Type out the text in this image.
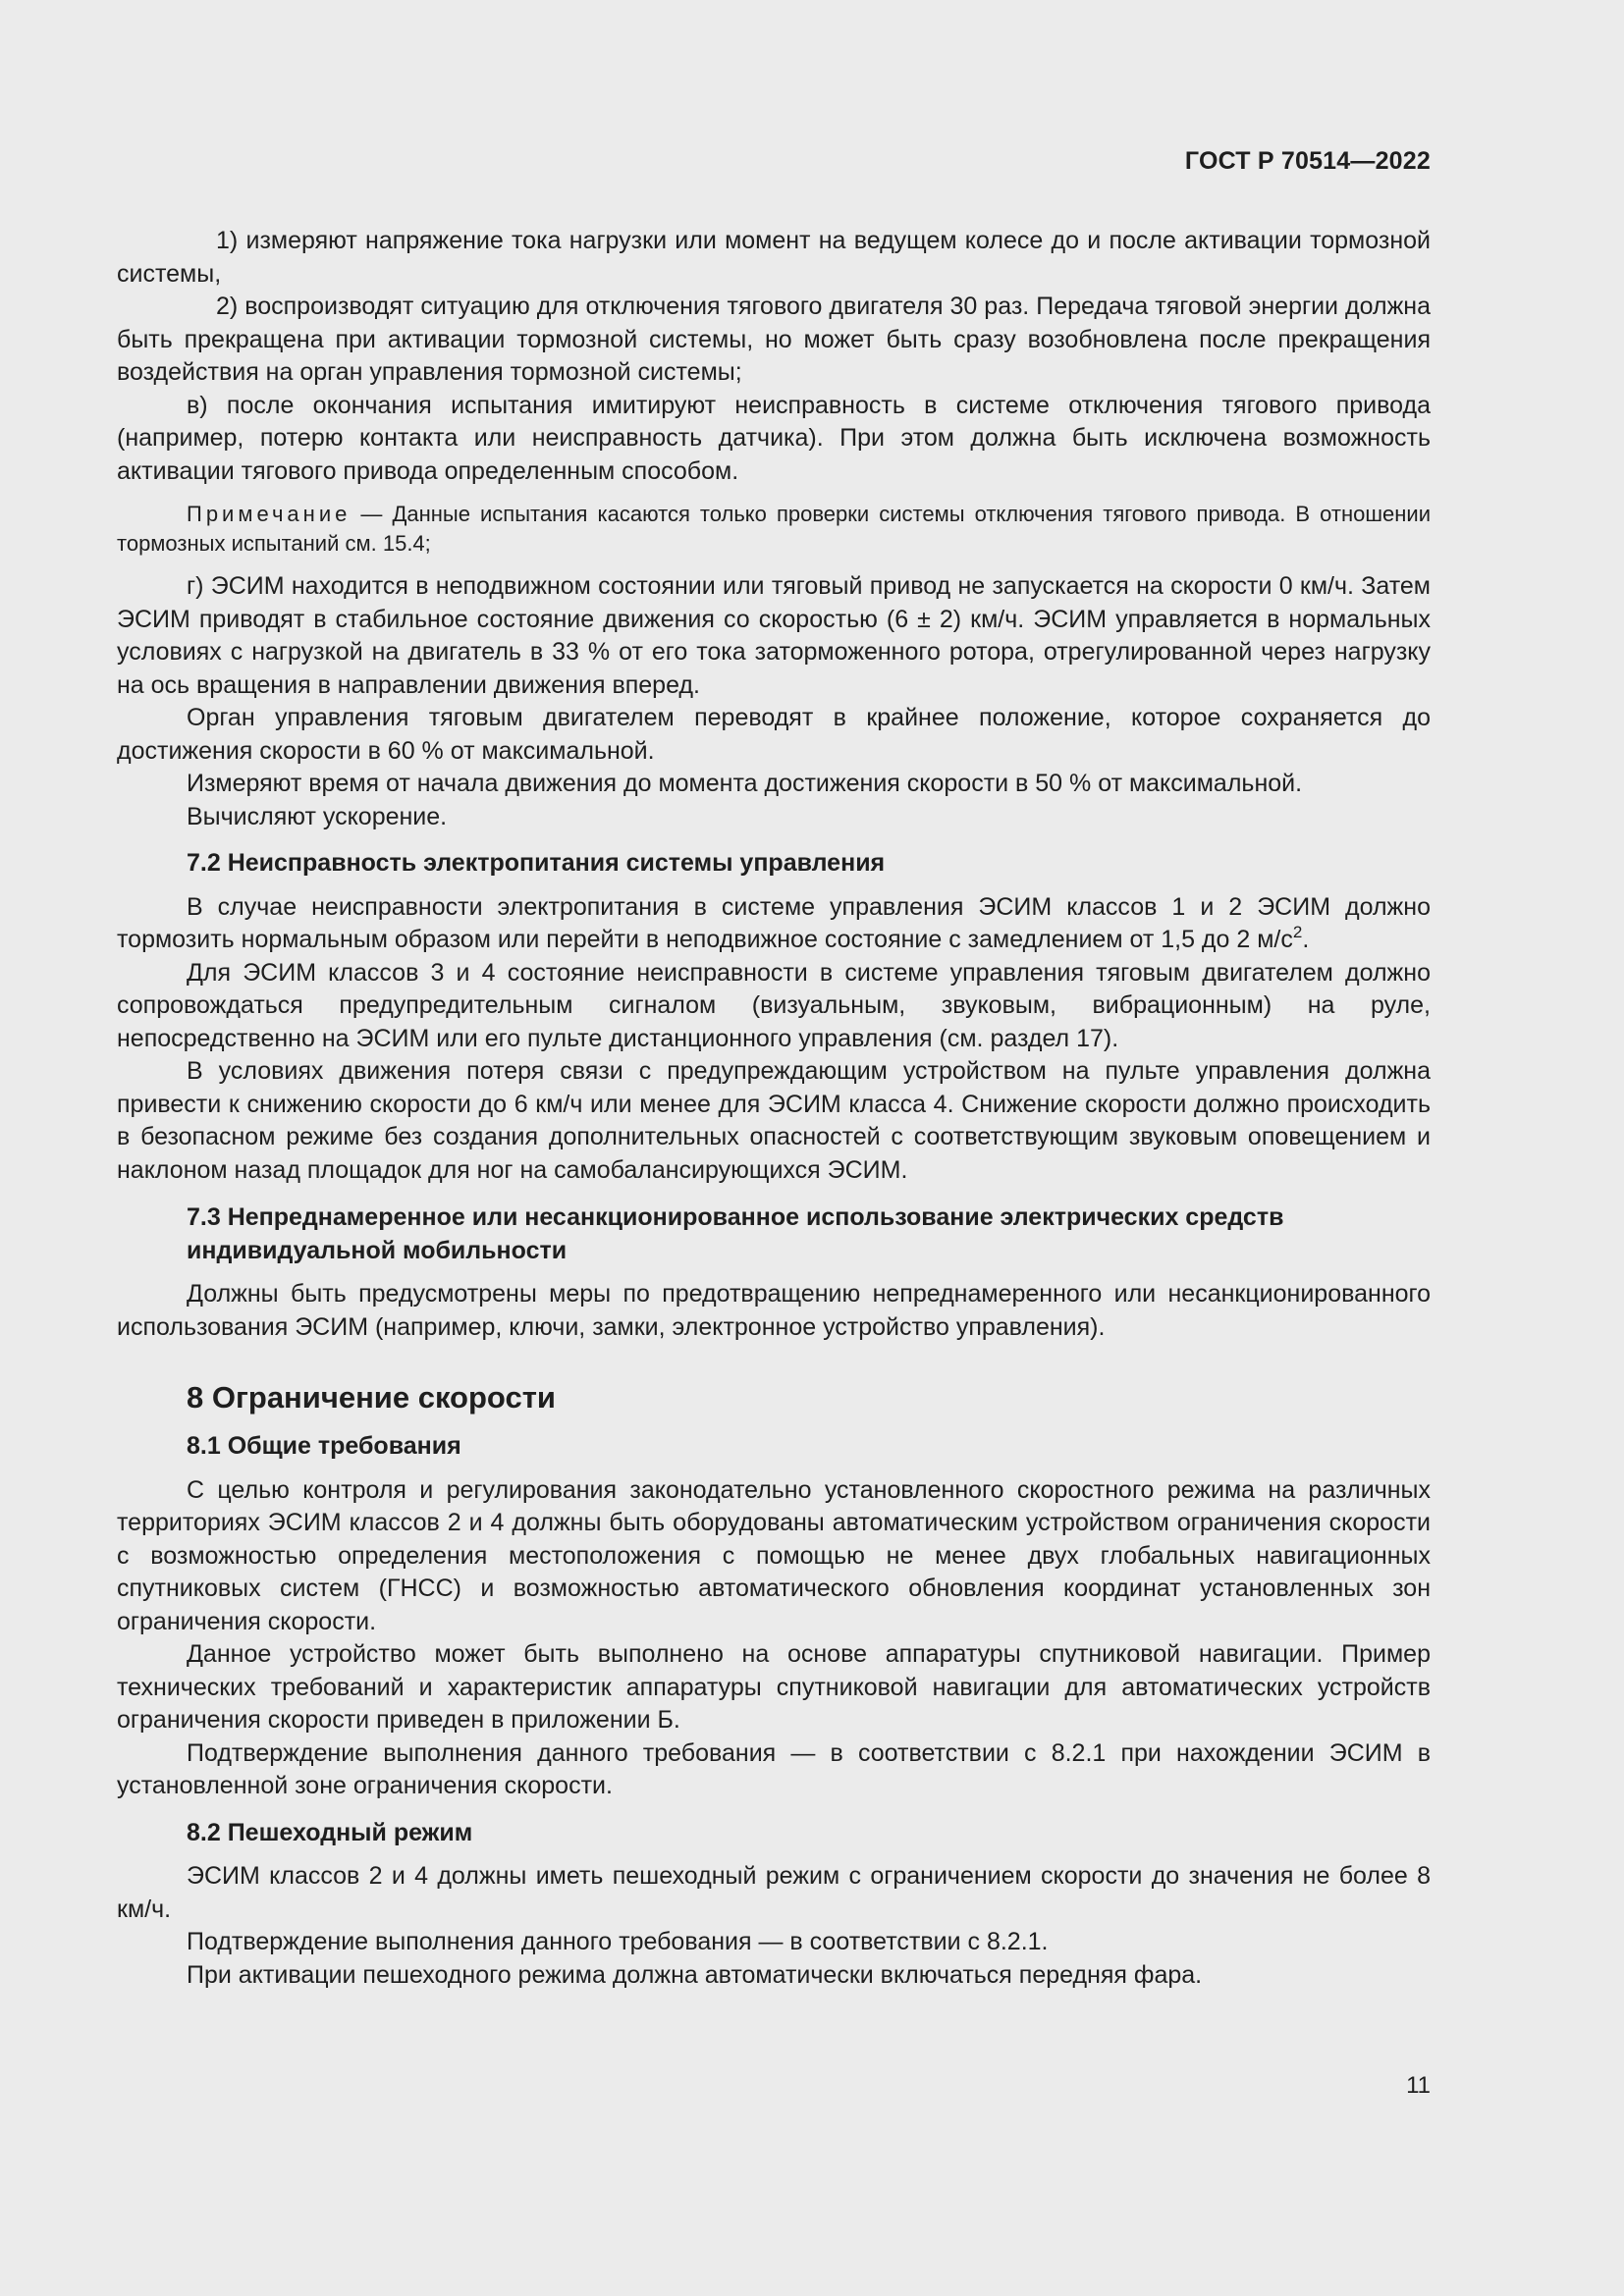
ГОСТ Р 70514—2022

1) измеряют напряжение тока нагрузки или момент на ведущем колесе до и после активации тормозной системы,

2) воспроизводят ситуацию для отключения тягового двигателя 30 раз. Передача тяговой энергии должна быть прекращена при активации тормозной системы, но может быть сразу возобновлена после прекращения воздействия на орган управления тормозной системы;

в) после окончания испытания имитируют неисправность в системе отключения тягового привода (например, потерю контакта или неисправность датчика). При этом должна быть исключена возможность активации тягового привода определенным способом.

Примечание — Данные испытания касаются только проверки системы отключения тягового привода. В отношении тормозных испытаний см. 15.4;

г) ЭСИМ находится в неподвижном состоянии или тяговый привод не запускается на скорости 0 км/ч. Затем ЭСИМ приводят в стабильное состояние движения со скоростью (6 ± 2) км/ч. ЭСИМ управляется в нормальных условиях с нагрузкой на двигатель в 33 % от его тока заторможенного ротора, отрегулированной через нагрузку на ось вращения в направлении движения вперед.

Орган управления тяговым двигателем переводят в крайнее положение, которое сохраняется до достижения скорости в 60 % от максимальной.

Измеряют время от начала движения до момента достижения скорости в 50 % от максимальной.

Вычисляют ускорение.

7.2 Неисправность электропитания системы управления

В случае неисправности электропитания в системе управления ЭСИМ классов 1 и 2 ЭСИМ должно тормозить нормальным образом или перейти в неподвижное состояние с замедлением от 1,5 до 2 $м/с^2$.

Для ЭСИМ классов 3 и 4 состояние неисправности в системе управления тяговым двигателем должно сопровождаться предупредительным сигналом (визуальным, звуковым, вибрационным) на руле, непосредственно на ЭСИМ или его пульте дистанционного управления (см. раздел 17).

В условиях движения потеря связи с предупреждающим устройством на пульте управления должна привести к снижению скорости до 6 км/ч или менее для ЭСИМ класса 4. Снижение скорости должно происходить в безопасном режиме без создания дополнительных опасностей с соответствующим звуковым оповещением и наклоном назад площадок для ног на самобалансирующихся ЭСИМ.

7.3 Непреднамеренное или несанкционированное использование электрических средств индивидуальной мобильности

Должны быть предусмотрены меры по предотвращению непреднамеренного или несанкционированного использования ЭСИМ (например, ключи, замки, электронное устройство управления).

8 Ограничение скорости
8.1 Общие требования

С целью контроля и регулирования законодательно установленного скоростного режима на различных территориях ЭСИМ классов 2 и 4 должны быть оборудованы автоматическим устройством ограничения скорости с возможностью определения местоположения с помощью не менее двух глобальных навигационных спутниковых систем (ГНСС) и возможностью автоматического обновления координат установленных зон ограничения скорости.

Данное устройство может быть выполнено на основе аппаратуры спутниковой навигации. Пример технических требований и характеристик аппаратуры спутниковой навигации для автоматических устройств ограничения скорости приведен в приложении Б.

Подтверждение выполнения данного требования — в соответствии с 8.2.1 при нахождении ЭСИМ в установленной зоне ограничения скорости.

8.2 Пешеходный режим

ЭСИМ классов 2 и 4 должны иметь пешеходный режим с ограничением скорости до значения не более 8 км/ч.

Подтверждение выполнения данного требования — в соответствии с 8.2.1.

При активации пешеходного режима должна автоматически включаться передняя фара.

11
